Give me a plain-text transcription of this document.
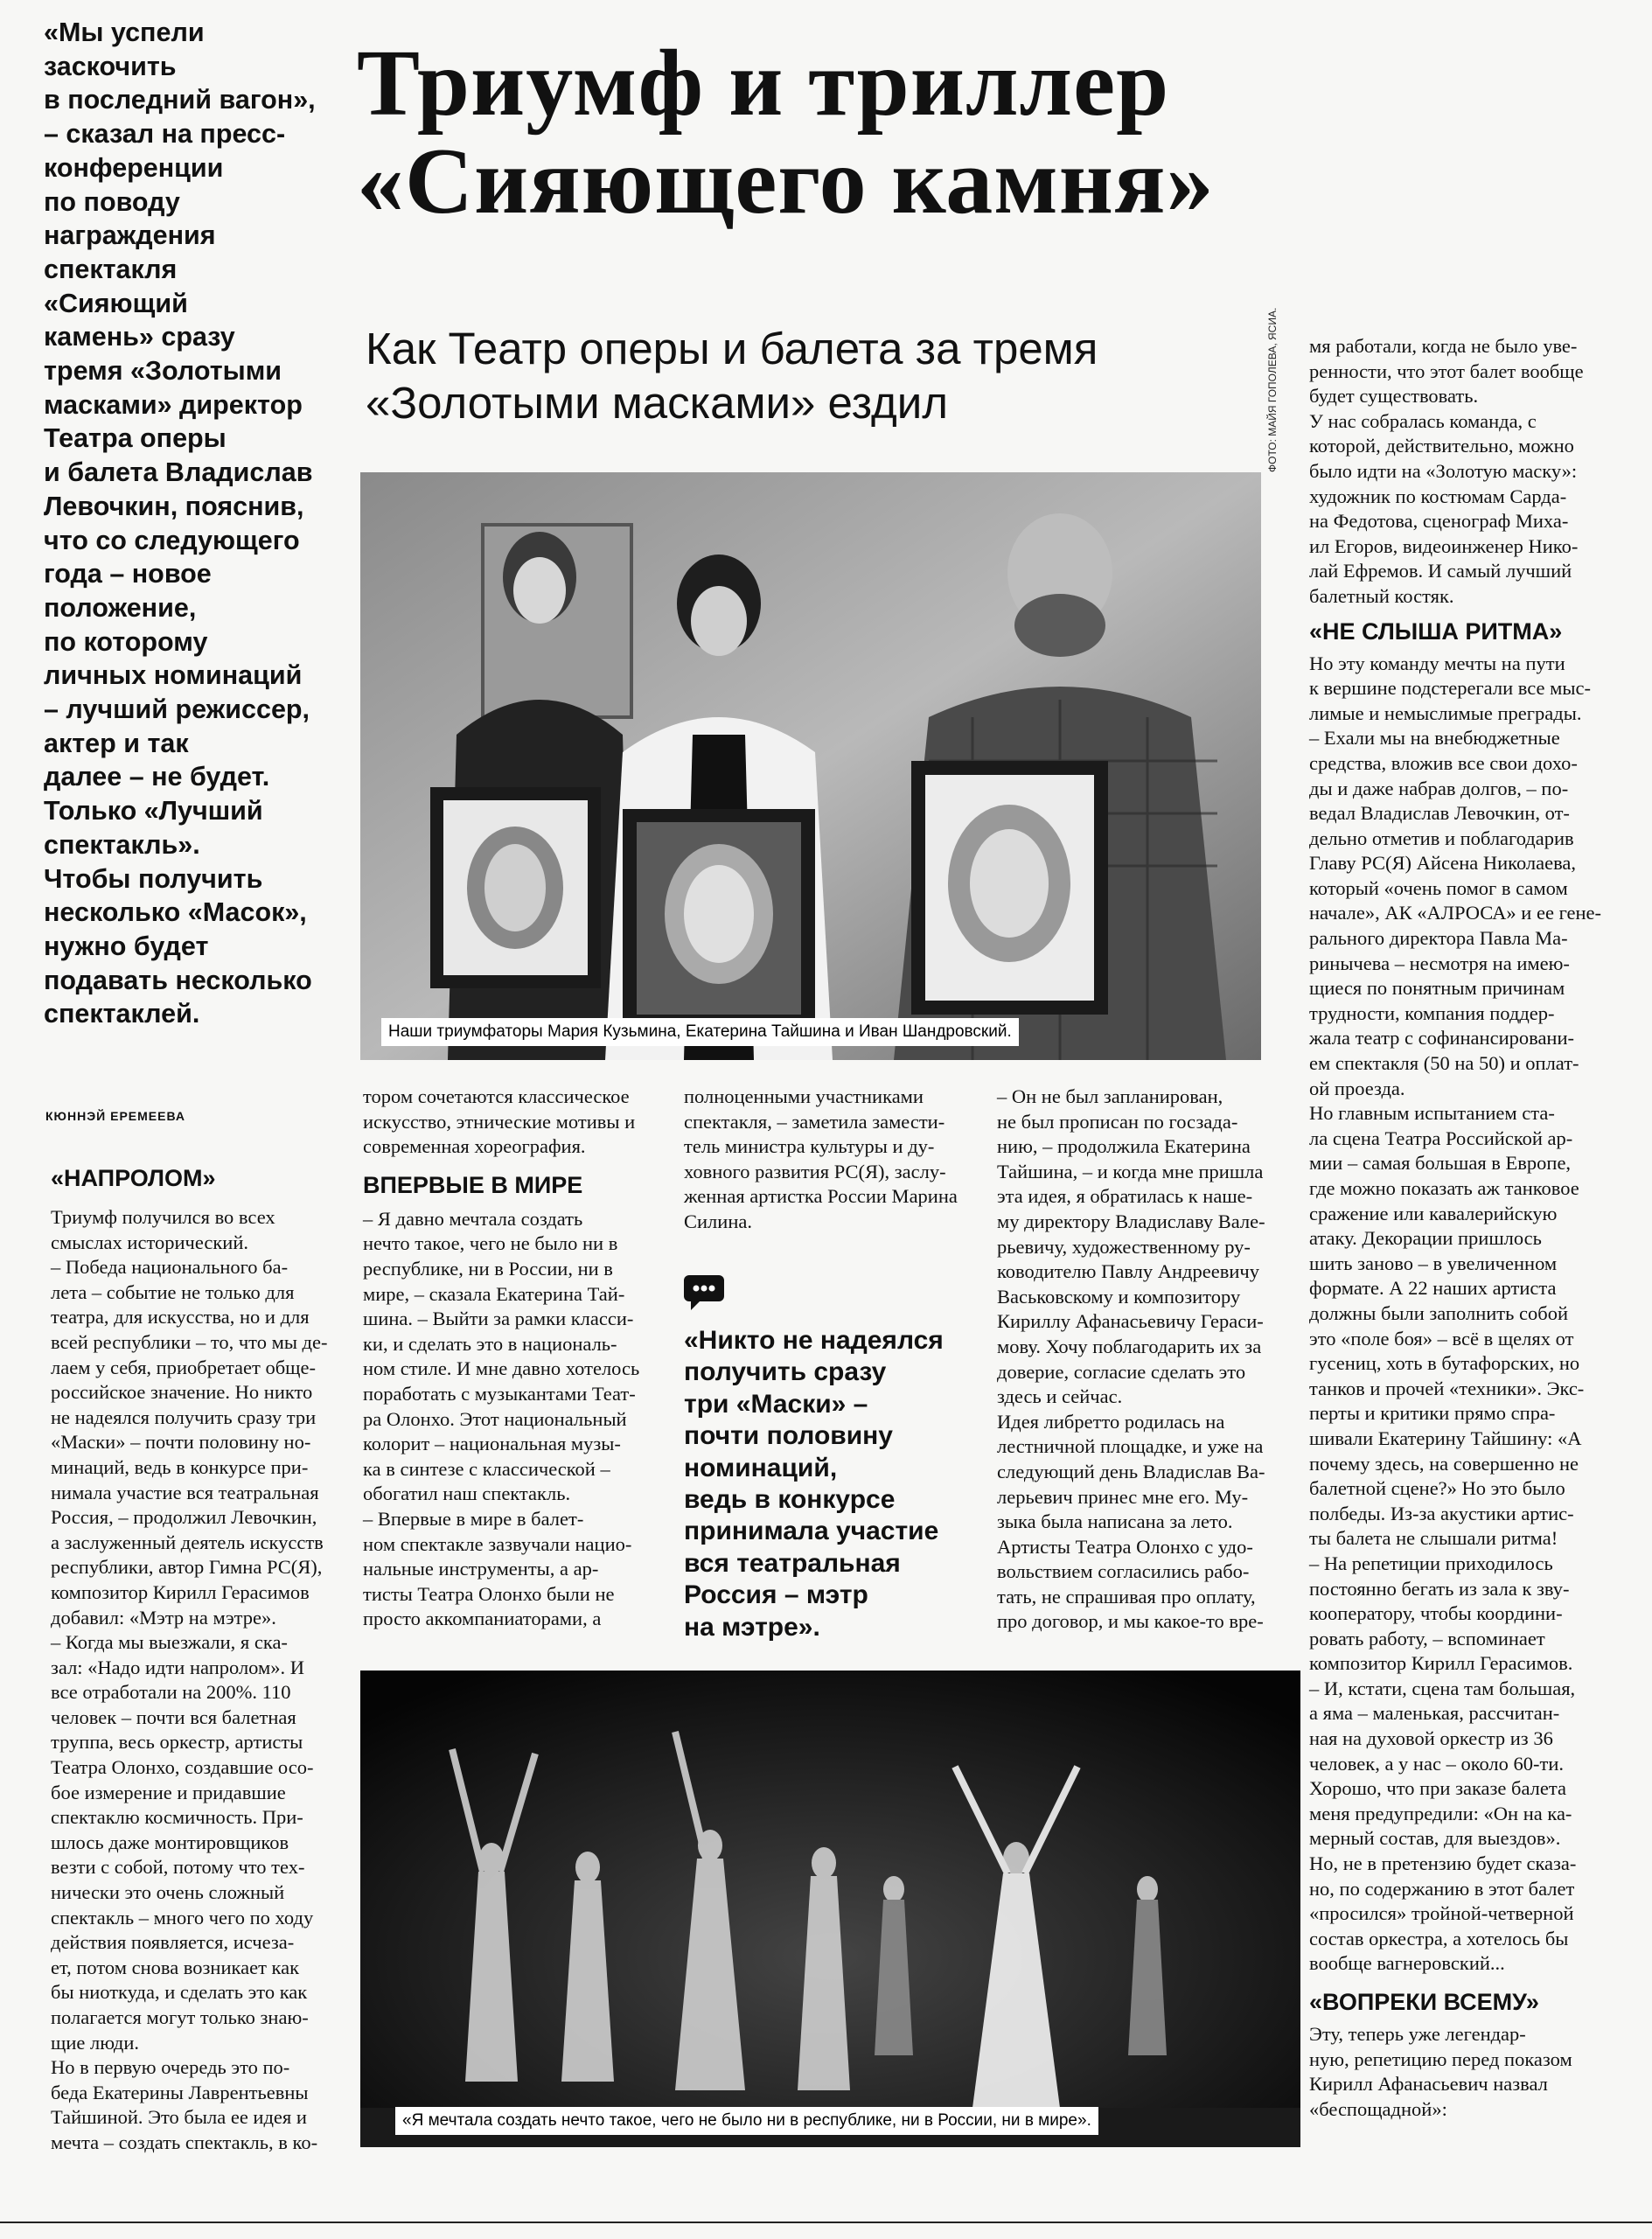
«Мы успели

заскочить

в последний вагон»,

– сказал на пресс-

конференции

по поводу

награждения

спектакля

«Сияющий

камень» сразу

тремя «Золотыми

масками» директор

Театра оперы

и балета Владислав

Левочкин, пояснив,

что со следующего

года – новое

положение,

по которому

личных номинаций

– лучший режиссер,

актер и так

далее – не будет.

Только «Лучший

спектакль».

Чтобы получить

несколько «Масок»,

нужно будет

подавать несколько

спектаклей.

Триумф и триллер
«Сияющего камня»
Как Театр оперы и балета за тремя
«Золотыми масками» ездил
Наши триумфаторы Мария Кузьмина, Екатерина Тайшина и Иван Шандровский.
ФОТО: МАЙЯ ГОПОЛЕВА, ЯСИА.
КЮННЭЙ ЕРЕМЕЕВА

«НАПРОЛОМ»

Триумф получился во всех

смыслах исторический.

– Победа национального ба-

лета – событие не только для

театра, для искусства, но и для

всей республики – то, что мы де-

лаем у себя, приобретает обще-

российское значение. Но никто

не надеялся получить сразу три

«Маски» – почти половину но-

минаций, ведь в конкурсе при-

нимала участие вся театральная

Россия, – продолжил Левочкин,

а заслуженный деятель искусств

республики, автор Гимна РС(Я),

композитор Кирилл Герасимов

добавил: «Мэтр на мэтре».

– Когда мы выезжали, я ска-

зал: «Надо идти напролом». И

все отработали на 200%. 110

человек – почти вся балетная

труппа, весь оркестр, артисты

Театра Олонхо, создавшие осо-

бое измерение и придавшие

спектаклю космичность. При-

шлось даже монтировщиков

везти с собой, потому что тех-

нически это очень сложный

спектакль – много чего по ходу

действия появляется, исчеза-

ет, потом снова возникает как

бы ниоткуда, и сделать это как

полагается могут только знаю-

щие люди.

Но в первую очередь это по-

беда Екатерины Лаврентьевны

Тайшиной. Это была ее идея и

мечта – создать спектакль, в ко-

тором сочетаются классическое

искусство, этнические мотивы и

современная хореография.

ВПЕРВЫЕ В МИРЕ

– Я давно мечтала создать

нечто такое, чего не было ни в

республике, ни в России, ни в

мире, – сказала Екатерина Тай-

шина. – Выйти за рамки класси-

ки, и сделать это в националь-

ном стиле. И мне давно хотелось

поработать с музыкантами Теат-

ра Олонхо. Этот национальный

колорит – национальная музы-

ка в синтезе с классической –

обогатил наш спектакль.

– Впервые в мире в балет-

ном спектакле зазвучали нацио-

нальные инструменты, а ар-

тисты Театра Олонхо были не

просто аккомпаниаторами, а

полноценными участниками

спектакля, – заметила замести-

тель министра культуры и ду-

ховного развития РС(Я), заслу-

женная артистка России Марина

Силина.

«Никто не надеялся

получить сразу

три «Маски» –

почти половину

номинаций,

ведь в конкурсе

принимала участие

вся театральная

Россия – мэтр

на мэтре».

– Он не был запланирован,

не был прописан по госзада-

нию, – продолжила Екатерина

Тайшина, – и когда мне пришла

эта идея, я обратилась к наше-

му директору Владиславу Вале-

рьевичу, художественному ру-

ководителю Павлу Андреевичу

Васьковскому и композитору

Кириллу Афанасьевичу Гераси-

мову. Хочу поблагодарить их за

доверие, согласие сделать это

здесь и сейчас.

Идея либретто родилась на

лестничной площадке, и уже на

следующий день Владислав Ва-

лерьевич принес мне его. Му-

зыка была написана за лето.

Артисты Театра Олонхо с удо-

вольствием согласились рабо-

тать, не спрашивая про оплату,

про договор, и мы какое-то вре-

мя работали, когда не было уве-

ренности, что этот балет вообще

будет существовать.

У нас собралась команда, с

которой, действительно, можно

было идти на «Золотую маску»:

художник по костюмам Сарда-

на Федотова, сценограф Миха-

ил Егоров, видеоинженер Нико-

лай Ефремов. И самый лучший

балетный костяк.

«НЕ СЛЫША РИТМА»

Но эту команду мечты на пути

к вершине подстерегали все мыс-

лимые и немыслимые преграды.

– Ехали мы на внебюджетные

средства, вложив все свои дохо-

ды и даже набрав долгов, – по-

ведал Владислав Левочкин, от-

дельно отметив и поблагодарив

Главу РС(Я) Айсена Николаева,

который «очень помог в самом

начале», АК «АЛРОСА» и ее гене-

рального директора Павла Ма-

ринычева – несмотря на имею-

щиеся по понятным причинам

трудности, компания поддер-

жала театр с софинансировани-

ем спектакля (50 на 50) и оплат-

ой проезда.

Но главным испытанием ста-

ла сцена Театра Российской ар-

мии – самая большая в Европе,

где можно показать аж танковое

сражение или кавалерийскую

атаку. Декорации пришлось

шить заново – в увеличенном

формате. А 22 наших артиста

должны были заполнить собой

это «поле боя» – всё в щелях от

гусениц, хоть в бутафорских, но

танков и прочей «техники». Экс-

перты и критики прямо спра-

шивали Екатерину Тайшину: «А

почему здесь, на совершенно не

балетной сцене?» Но это было

полбеды. Из-за акустики артис-

ты балета не слышали ритма!

– На репетиции приходилось

постоянно бегать из зала к зву-

кооператору, чтобы координи-

ровать работу, – вспоминает

композитор Кирилл Герасимов.

– И, кстати, сцена там большая,

а яма – маленькая, рассчитан-

ная на духовой оркестр из 36

человек, а у нас – около 60-ти.

Хорошо, что при заказе балета

меня предупредили: «Он на ка-

мерный состав, для выездов».

Но, не в претензию будет сказа-

но, по содержанию в этот балет

«просился» тройной-четверной

состав оркестра, а хотелось бы

вообще вагнеровский...

«ВОПРЕКИ ВСЕМУ»

Эту, теперь уже легендар-

ную, репетицию перед показом

Кирилл Афанасьевич назвал

«беспощадной»:

«Я мечтала создать нечто такое, чего не было ни в республике, ни в России, ни в мире».
